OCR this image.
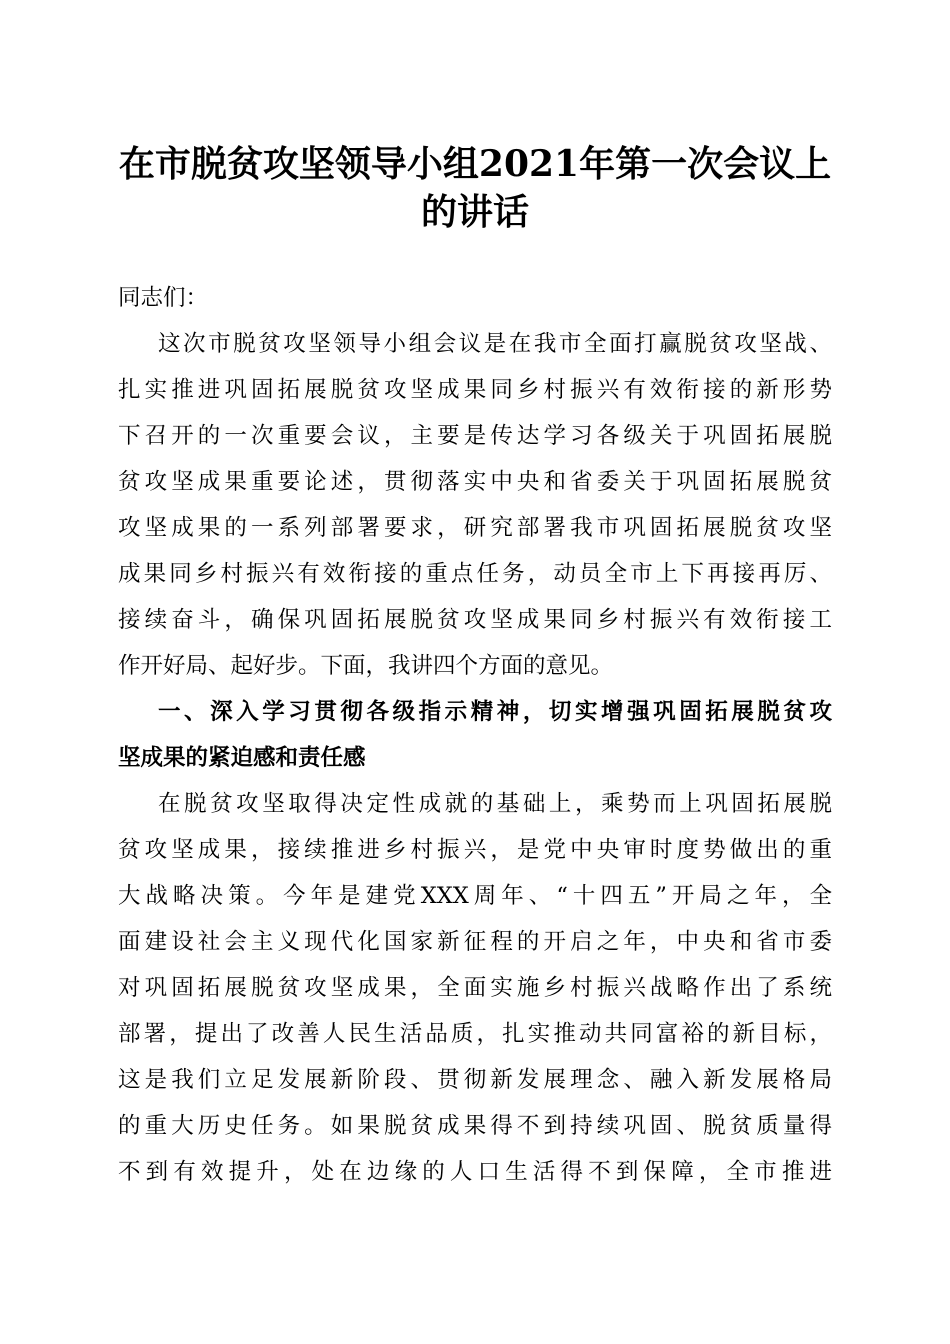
在市脱贫攻坚领导小组2021年第一次会议上
的讲话
同志们：
这次市脱贫攻坚领导小组会议是在我市全面打赢脱贫攻坚战、
扎实推进巩固拓展脱贫攻坚成果同乡村振兴有效衔接的新形势
下召开的一次重要会议，主要是传达学习各级关于巩固拓展脱
贫攻坚成果重要论述，贯彻落实中央和省委关于巩固拓展脱贫
攻坚成果的一系列部署要求，研究部署我市巩固拓展脱贫攻坚
成果同乡村振兴有效衔接的重点任务，动员全市上下再接再厉、
接续奋斗，确保巩固拓展脱贫攻坚成果同乡村振兴有效衔接工
作开好局、起好步。下面，我讲四个方面的意见。
一、深入学习贯彻各级指示精神，切实增强巩固拓展脱贫攻
坚成果的紧迫感和责任感
在脱贫攻坚取得决定性成就的基础上，乘势而上巩固拓展脱
贫攻坚成果，接续推进乡村振兴，是党中央审时度势做出的重
大战略决策。今年是建党XXX周年、“十四五”开局之年，全
面建设社会主义现代化国家新征程的开启之年，中央和省市委
对巩固拓展脱贫攻坚成果，全面实施乡村振兴战略作出了系统
部署，提出了改善人民生活品质，扎实推动共同富裕的新目标，
这是我们立足发展新阶段、贯彻新发展理念、融入新发展格局
的重大历史任务。如果脱贫成果得不到持续巩固、脱贫质量得
不到有效提升，处在边缘的人口生活得不到保障，全市推进
